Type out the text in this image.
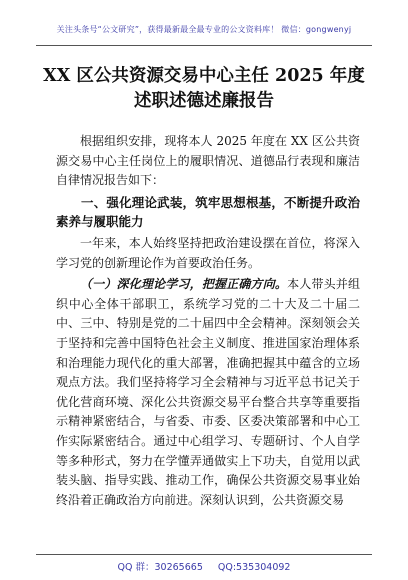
关注头条号“公文研究”，获得最新最全最专业的公文资料库！ 微信：gongwenyj
XX 区公共资源交易中心主任 2025 年度述职述德述廉报告

根据组织安排，现将本人 2025 年度在 XX 区公共资源交易中心主任岗位上的履职情况、道德品行表现和廉洁自律情况报告如下：

一、强化理论武装，筑牢思想根基，不断提升政治素养与履职能力

一年来，本人始终坚持把政治建设摆在首位，将深入学习党的创新理论作为首要政治任务。

（一）深化理论学习，把握正确方向。本人带头并组织中心全体干部职工，系统学习党的二十大及二十届二中、三中、特别是党的二十届四中全会精神。深刻领会关于坚持和完善中国特色社会主义制度、推进国家治理体系和治理能力现代化的重大部署，准确把握其中蕴含的立场观点方法。我们坚持将学习全会精神与习近平总书记关于优化营商环境、深化公共资源交易平台整合共享等重要指示精神紧密结合，与省委、市委、区委决策部署和中心工作实际紧密结合。通过中心组学习、专题研讨、个人自学等多种形式，努力在学懂弄通做实上下功夫，自觉用以武装头脑、指导实践、推动工作，确保公共资源交易事业始终沿着正确政治方向前进。深刻认识到，公共资源交易

QQ 群：30265665 QQ:535304092
